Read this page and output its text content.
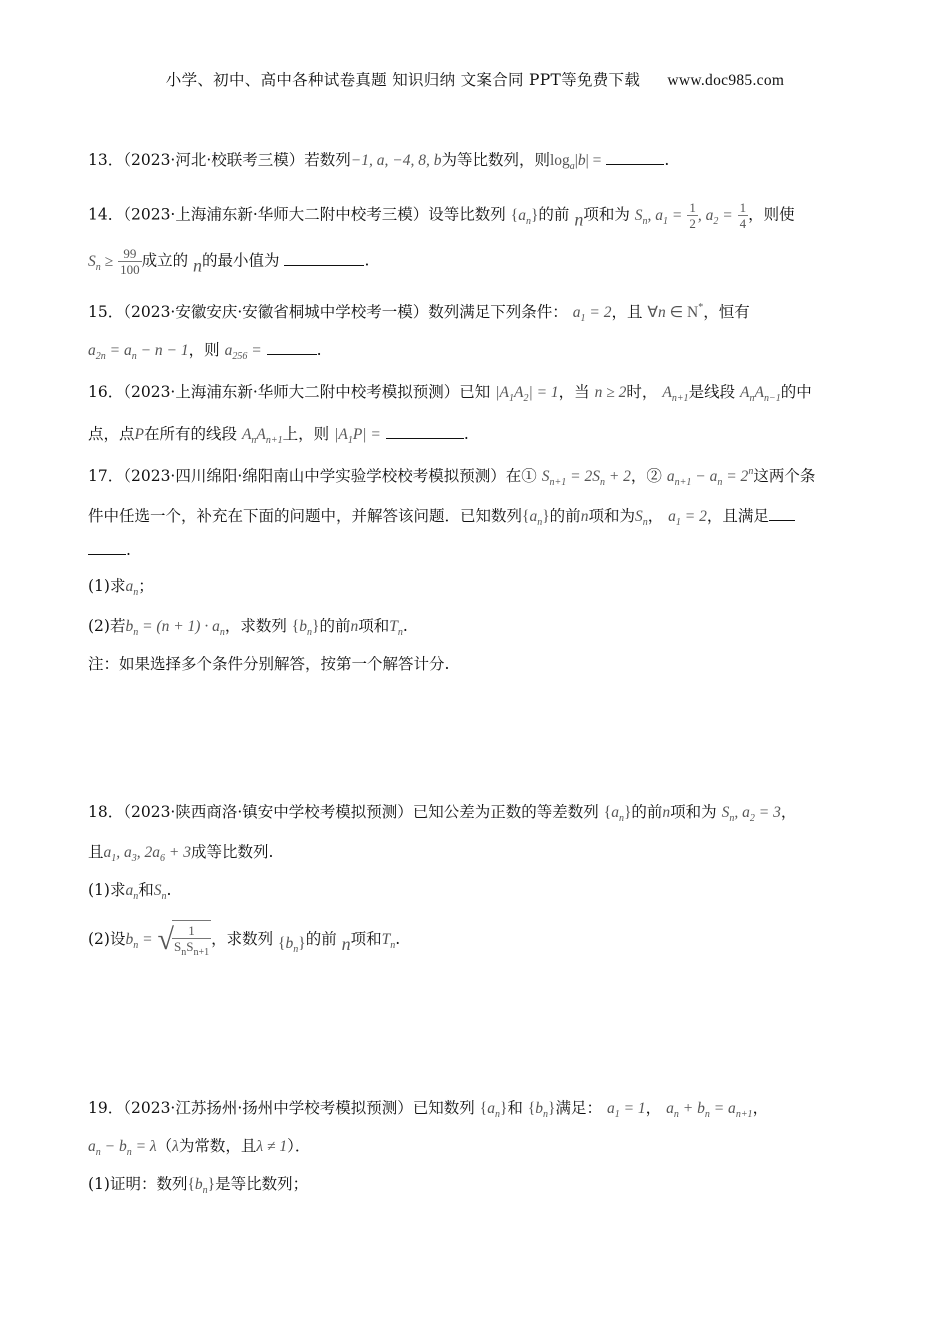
小学、初中、高中各种试卷真题 知识归纳 文案合同 PPT等免费下载 www.doc985.com
13．（2023·河北·校联考三模）若数列−1, a, −4, 8, b为等比数列，则$\log_a|b|$ =	.
14．（2023·上海浦东新·华师大二附中校考三模）设等比数列 $\{a_n\}$的前 n项和为 $S_n$, $a_1 = \frac{1}{2}$ , $a_2 = \frac{1}{4}$ ，则使
$S_n \ge \frac{99}{100}$ 成立的 n的最小值为	.
15．（2023·安徽安庆·安徽省桐城中学校考一模）数列满足下列条件： $a_1 = 2$，且 ∀n ∈ N*，恒有
$a_{2n} = a_n - n - 1$，则 $a_{256}$ =	.
16．（2023·上海浦东新·华师大二附中校考模拟预测）已知 $|A_1A_2| = 1$，当 n ≥ 2时， $A_{n+1}$是线段 $A_nA_{n-1}$的中
点，点P在所有的线段 $A_nA_{n+1}$上，则 $|A_1P|$ =	.
17．（2023·四川绵阳·绵阳南山中学实验学校校考模拟预测）在① $S_{n+1} = 2S_n + 2$，② $a_{n+1} - a_n = 2^n$这两个条
件中任选一个，补充在下面的问题中，并解答该问题．已知数列$\{a_n\}$的前n项和为$S_n$， $a_1 = 2$，且满足
.
(1)求$a_n$；
(2)若$b_n = (n + 1) \cdot a_n$，求数列 $\{b_n\}$的前n项和$T_n$.
注：如果选择多个条件分别解答，按第一个解答计分.
18．（2023·陕西商洛·镇安中学校考模拟预测）已知公差为正数的等差数列 $\{a_n\}$的前n项和为 $S_n$, $a_2 = 3$，
且$a_1$, $a_3$, $2a_6 + 3$成等比数列.
(1)求$a_n$和$S_n$.
(2)设$b_n$ = √
$\frac{1}{S_nS_{n+1}}$ ，求数列 $\{b_n\}$的前 n项和$T_n$.
19．（2023·江苏扬州·扬州中学校考模拟预测）已知数列 $\{a_n\}$和 $\{b_n\}$满足： $a_1 = 1$， $a_n + b_n = a_{n+1}$，
$a_n - b_n = \lambda(\lambda$为常数，且λ ≠ 1）．
(1)证明：数列$\{b_n\}$是等比数列；
